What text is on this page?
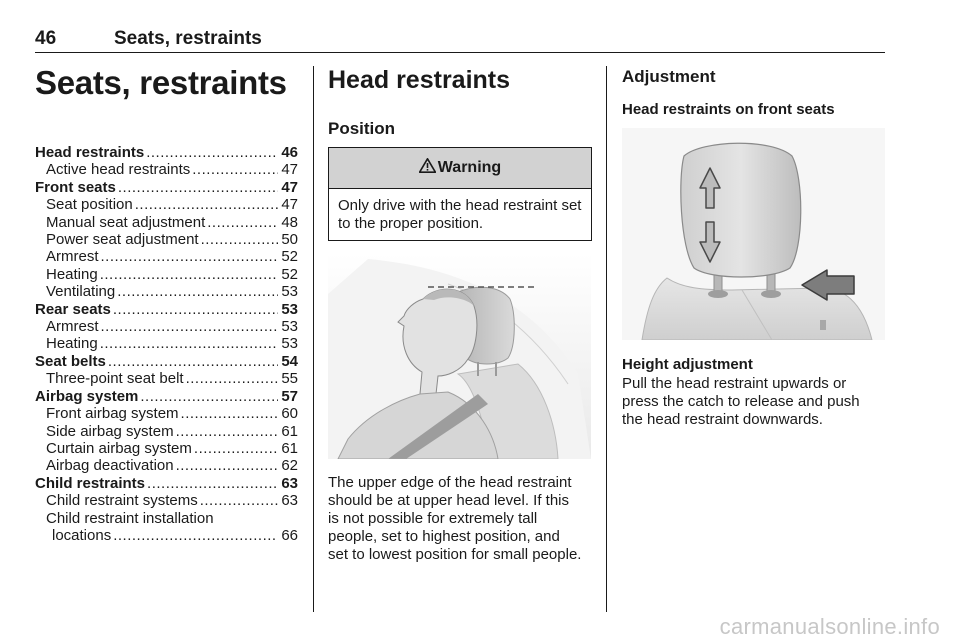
46	Seats, restraints
Seats, restraints
Head restraints .....	46
Active head restraints .....	47
Front seats .....	47
Seat position .....	47
Manual seat adjustment .....	48
Power seat adjustment .....	50
Armrest .....	52
Heating .....	52
Ventilating .....	53
Rear seats .....	53
Armrest .....	53
Heating .....	53
Seat belts .....	54
Three-point seat belt .....	55
Airbag system .....	57
Front airbag system .....	60
Side airbag system .....	61
Curtain airbag system .....	61
Airbag deactivation .....	62
Child restraints .....	63
Child restraint systems .....	63
Child restraint installation
locations .....	66
Head restraints
Position
Warning
Only drive with the head restraint set to the proper position.
The upper edge of the head restraint
should be at upper head level. If this
is not possible for extremely tall
people, set to highest position, and
set to lowest position for small people.
Adjustment
Head restraints on front seats
Height adjustment
Pull the head restraint upwards or
press the catch to release and push
the head restraint downwards.
carmanualsonline.info
